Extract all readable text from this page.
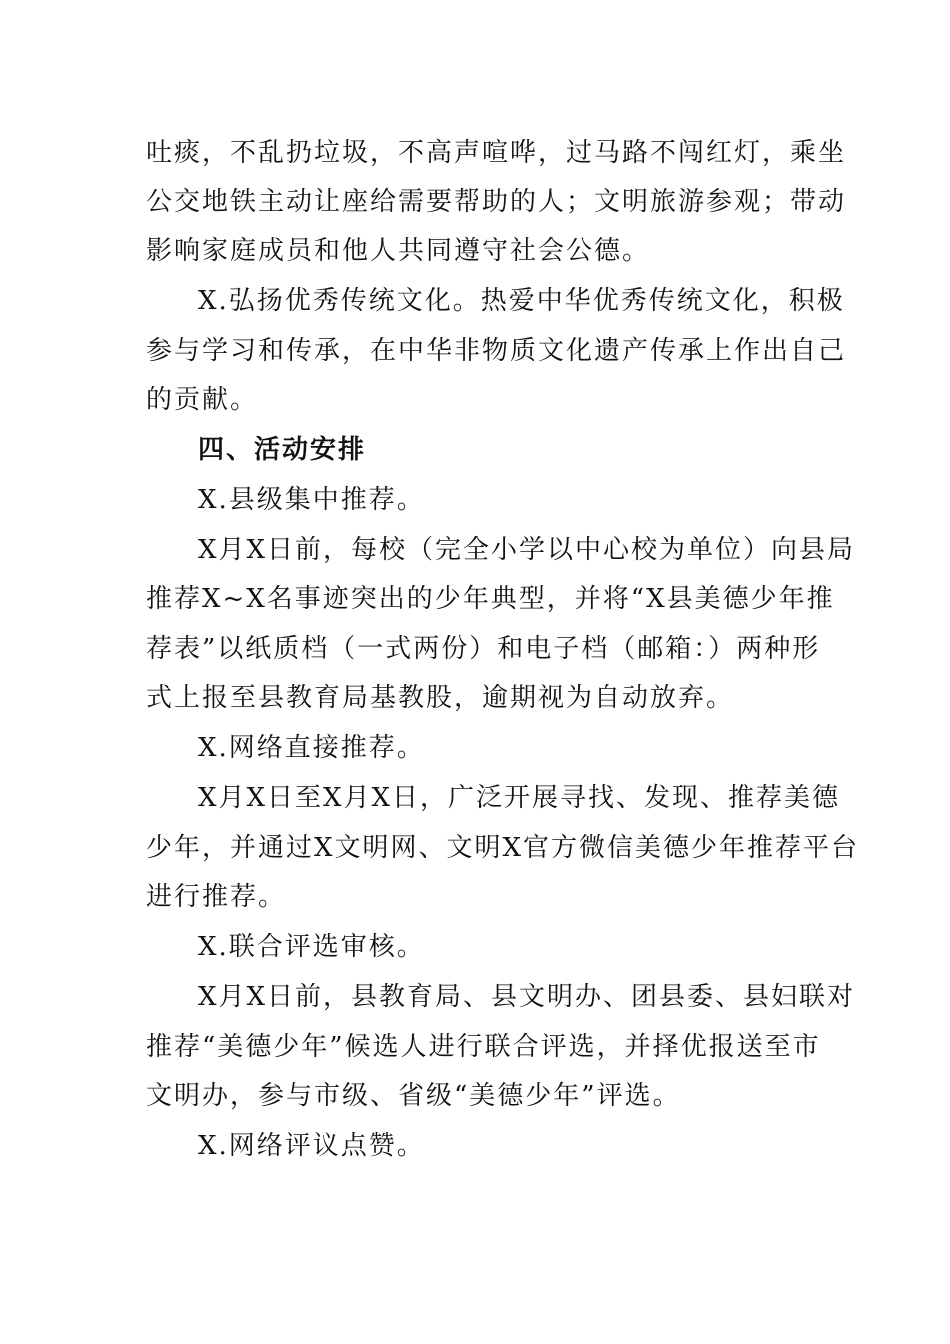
吐痰，不乱扔垃圾，不高声喧哗，过马路不闯红灯，乘坐
公交地铁主动让座给需要帮助的人；文明旅游参观；带动
影响家庭成员和他人共同遵守社会公德。
X.弘扬优秀传统文化。热爱中华优秀传统文化，积极
参与学习和传承，在中华非物质文化遗产传承上作出自己
的贡献。
四、活动安排
X.县级集中推荐。
X月X日前，每校（完全小学以中心校为单位）向县局
推荐X~X名事迹突出的少年典型，并将“X县美德少年推
荐表”以纸质档（一式两份）和电子档（邮箱：）两种形
式上报至县教育局基教股，逾期视为自动放弃。
X.网络直接推荐。
X月X日至X月X日，广泛开展寻找、发现、推荐美德
少年，并通过X文明网、文明X官方微信美德少年推荐平台
进行推荐。
X.联合评选审核。
X月X日前，县教育局、县文明办、团县委、县妇联对
推荐“美德少年”候选人进行联合评选，并择优报送至市
文明办，参与市级、省级“美德少年”评选。
X.网络评议点赞。
